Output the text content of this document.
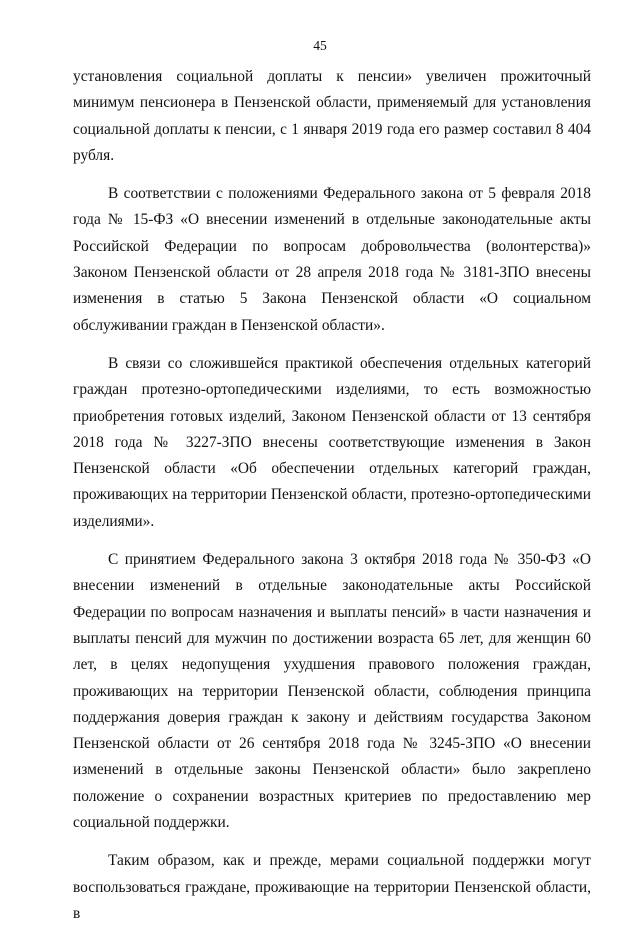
45

установления социальной доплаты к пенсии» увеличен прожиточный минимум пенсионера в Пензенской области, применяемый для установления социальной доплаты к пенсии, с 1 января 2019 года его размер составил 8 404 рубля.

В соответствии с положениями Федерального закона от 5 февраля 2018 года № 15-ФЗ «О внесении изменений в отдельные законодательные акты Российской Федерации по вопросам добровольчества (волонтерства)» Законом Пензенской области от 28 апреля 2018 года № 3181-ЗПО внесены изменения в статью 5 Закона Пензенской области «О социальном обслуживании граждан в Пензенской области».

В связи со сложившейся практикой обеспечения отдельных категорий граждан протезно-ортопедическими изделиями, то есть возможностью приобретения готовых изделий, Законом Пензенской области от 13 сентября 2018 года № 3227-ЗПО внесены соответствующие изменения в Закон Пензенской области «Об обеспечении отдельных категорий граждан, проживающих на территории Пензенской области, протезно-ортопедическими изделиями».

С принятием Федерального закона 3 октября 2018 года № 350-ФЗ «О внесении изменений в отдельные законодательные акты Российской Федерации по вопросам назначения и выплаты пенсий» в части назначения и выплаты пенсий для мужчин по достижении возраста 65 лет, для женщин 60 лет, в целях недопущения ухудшения правового положения граждан, проживающих на территории Пензенской области, соблюдения принципа поддержания доверия граждан к закону и действиям государства Законом Пензенской области от 26 сентября 2018 года № 3245-ЗПО «О внесении изменений в отдельные законы Пензенской области» было закреплено положение о сохранении возрастных критериев по предоставлению мер социальной поддержки.

Таким образом, как и прежде, мерами социальной поддержки могут воспользоваться граждане, проживающие на территории Пензенской области, в
